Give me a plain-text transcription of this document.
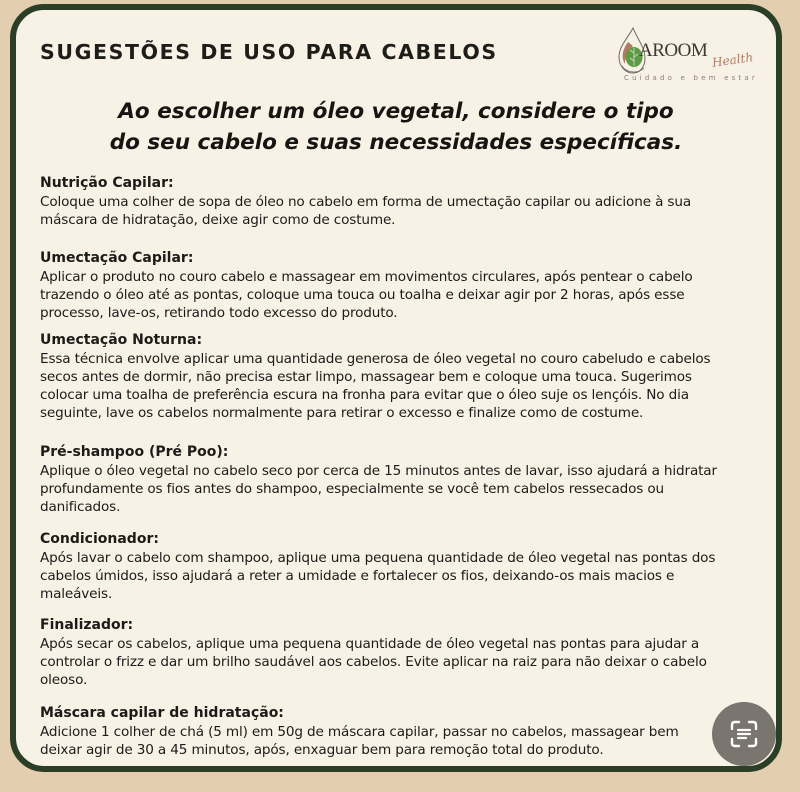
SUGESTÕES DE USO PARA CABELOS	AROOM Health
Cuidado e bem estar
Ao escolher um óleo vegetal, considere o tipo
do seu cabelo e suas necessidades específicas.
Nutrição Capilar:

Coloque uma colher de sopa de óleo no cabelo em forma de umectação capilar ou adicione à sua

máscara de hidratação, deixe agir como de costume.

Umectação Capilar:

Aplicar o produto no couro cabelo e massagear em movimentos circulares, após pentear o cabelo

trazendo o óleo até as pontas, coloque uma touca ou toalha e deixar agir por 2 horas, após esse

processo, lave-os, retirando todo excesso do produto.

Umectação Noturna:

Essa técnica envolve aplicar uma quantidade generosa de óleo vegetal no couro cabeludo e cabelos

secos antes de dormir, não precisa estar limpo, massagear bem e coloque uma touca. Sugerimos

colocar uma toalha de preferência escura na fronha para evitar que o óleo suje os lençóis. No dia

seguinte, lave os cabelos normalmente para retirar o excesso e finalize como de costume.

Pré-shampoo (Pré Poo):

Aplique o óleo vegetal no cabelo seco por cerca de 15 minutos antes de lavar, isso ajudará a hidratar

profundamente os fios antes do shampoo, especialmente se você tem cabelos ressecados ou

danificados.

Condicionador:

Após lavar o cabelo com shampoo, aplique uma pequena quantidade de óleo vegetal nas pontas dos

cabelos úmidos, isso ajudará a reter a umidade e fortalecer os fios, deixando-os mais macios e

maleáveis.

Finalizador:

Após secar os cabelos, aplique uma pequena quantidade de óleo vegetal nas pontas para ajudar a

controlar o frizz e dar um brilho saudável aos cabelos. Evite aplicar na raiz para não deixar o cabelo

oleoso.

Máscara capilar de hidratação:

Adicione 1 colher de chá (5 ml) em 50g de máscara capilar, passar no cabelos, massagear bem

deixar agir de 30 a 45 minutos, após, enxaguar bem para remoção total do produto.
